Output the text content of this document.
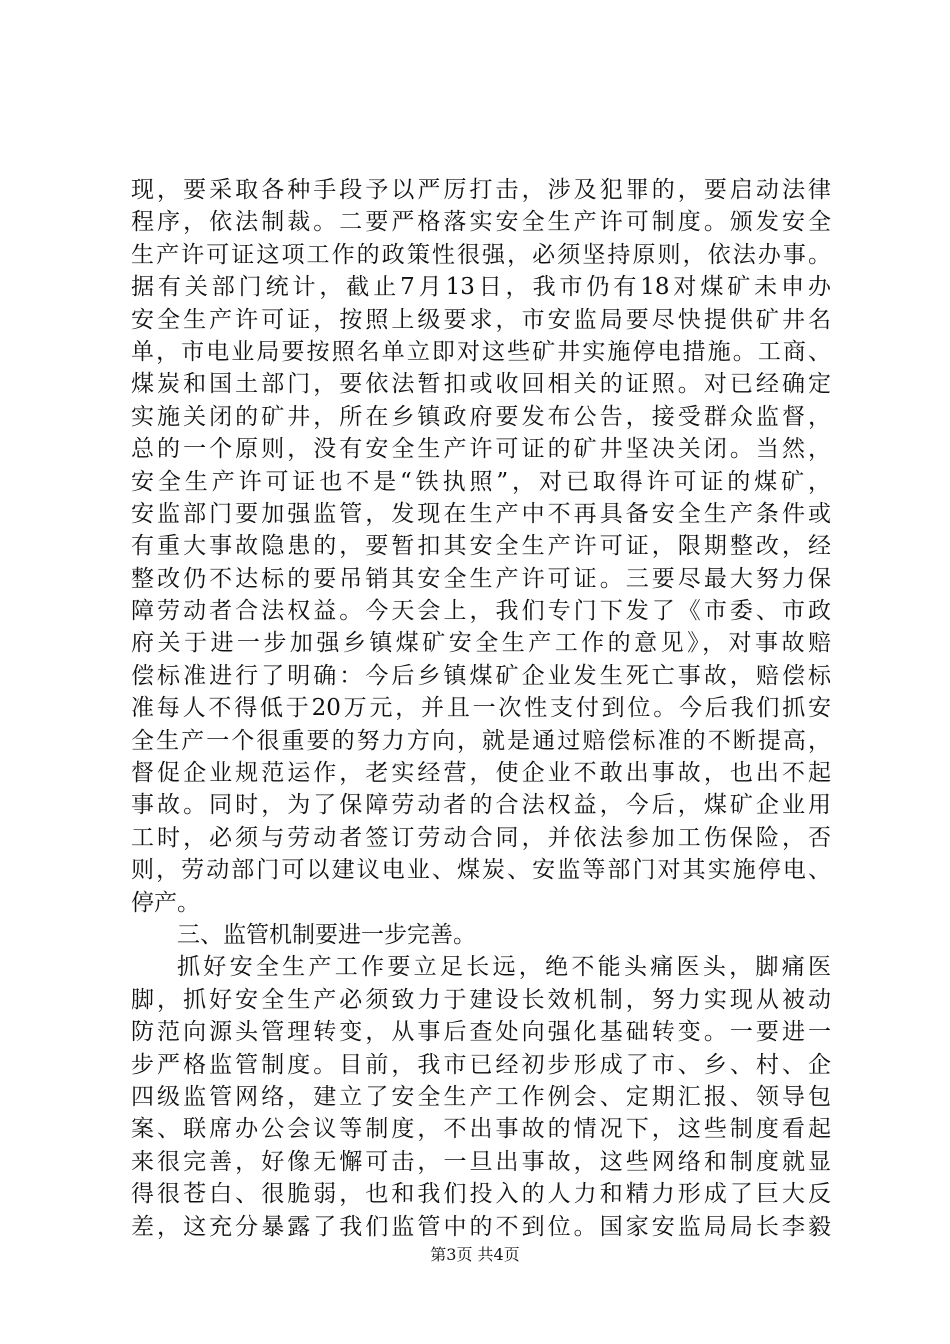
现，要采取各种手段予以严厉打击，涉及犯罪的，要启动法律
程序，依法制裁。二要严格落实安全生产许可制度。颁发安全
生产许可证这项工作的政策性很强，必须坚持原则，依法办事。
据有关部门统计，截止7月13日，我市仍有18对煤矿未申办
安全生产许可证，按照上级要求，市安监局要尽快提供矿井名
单，市电业局要按照名单立即对这些矿井实施停电措施。工商、
煤炭和国土部门，要依法暂扣或收回相关的证照。对已经确定
实施关闭的矿井，所在乡镇政府要发布公告，接受群众监督，
总的一个原则，没有安全生产许可证的矿井坚决关闭。当然，
安全生产许可证也不是“铁执照”，对已取得许可证的煤矿，
安监部门要加强监管，发现在生产中不再具备安全生产条件或
有重大事故隐患的，要暂扣其安全生产许可证，限期整改，经
整改仍不达标的要吊销其安全生产许可证。三要尽最大努力保
障劳动者合法权益。今天会上，我们专门下发了《市委、市政
府关于进一步加强乡镇煤矿安全生产工作的意见》，对事故赔
偿标准进行了明确：今后乡镇煤矿企业发生死亡事故，赔偿标
准每人不得低于20万元，并且一次性支付到位。今后我们抓安
全生产一个很重要的努力方向，就是通过赔偿标准的不断提高，
督促企业规范运作，老实经营，使企业不敢出事故，也出不起
事故。同时，为了保障劳动者的合法权益，今后，煤矿企业用
工时，必须与劳动者签订劳动合同，并依法参加工伤保险，否
则，劳动部门可以建议电业、煤炭、安监等部门对其实施停电、
停产。
三、监管机制要进一步完善。
抓好安全生产工作要立足长远，绝不能头痛医头，脚痛医
脚，抓好安全生产必须致力于建设长效机制，努力实现从被动
防范向源头管理转变，从事后查处向强化基础转变。一要进一
步严格监管制度。目前，我市已经初步形成了市、乡、村、企
四级监管网络，建立了安全生产工作例会、定期汇报、领导包
案、联席办公会议等制度，不出事故的情况下，这些制度看起
来很完善，好像无懈可击，一旦出事故，这些网络和制度就显
得很苍白、很脆弱，也和我们投入的人力和精力形成了巨大反
差，这充分暴露了我们监管中的不到位。国家安监局局长李毅
第3页 共4页
